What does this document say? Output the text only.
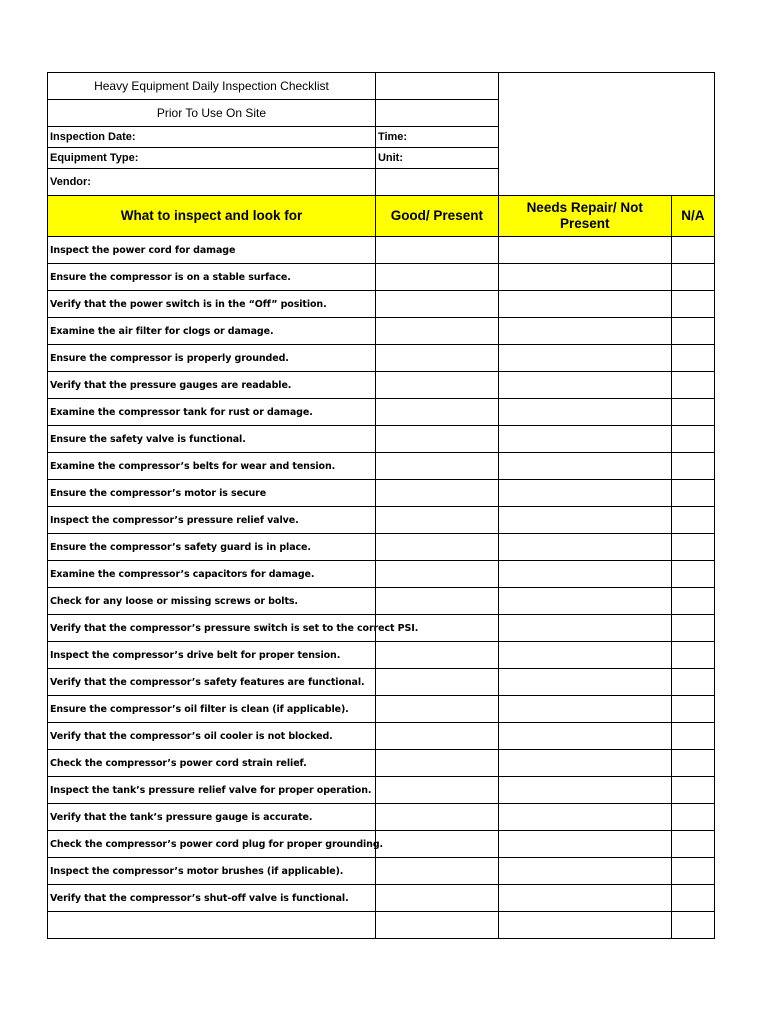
Heavy Equipment Daily Inspection Checklist			
Prior To Use On Site			
Inspection Date:	Time:		
Equipment Type:	Unit:		
Vendor:			
What to inspect and look for	Good/ Present	Needs Repair/ Not Present	N/A
Inspect the power cord for damage			
Ensure the compressor is on a stable surface.			
Verify that the power switch is in the “Off” position.			
Examine the air filter for clogs or damage.			
Ensure the compressor is properly grounded.			
Verify that the pressure gauges are readable.			
Examine the compressor tank for rust or damage.			
Ensure the safety valve is functional.			
Examine the compressor’s belts for wear and tension.			
Ensure the compressor’s motor is secure			
Inspect the compressor’s pressure relief valve.			
Ensure the compressor’s safety guard is in place.			
Examine the compressor’s capacitors for damage.			
Check for any loose or missing screws or bolts.			
Verify that the compressor’s pressure switch is set to the correct PSI.			
Inspect the compressor’s drive belt for proper tension.			
Verify that the compressor’s safety features are functional.			
Ensure the compressor’s oil filter is clean (if applicable).			
Verify that the compressor’s oil cooler is not blocked.			
Check the compressor’s power cord strain relief.			
Inspect the tank’s pressure relief valve for proper operation.			
Verify that the tank’s pressure gauge is accurate.			
Check the compressor’s power cord plug for proper grounding.			
Inspect the compressor’s motor brushes (if applicable).			
Verify that the compressor’s shut-off valve is functional.			
